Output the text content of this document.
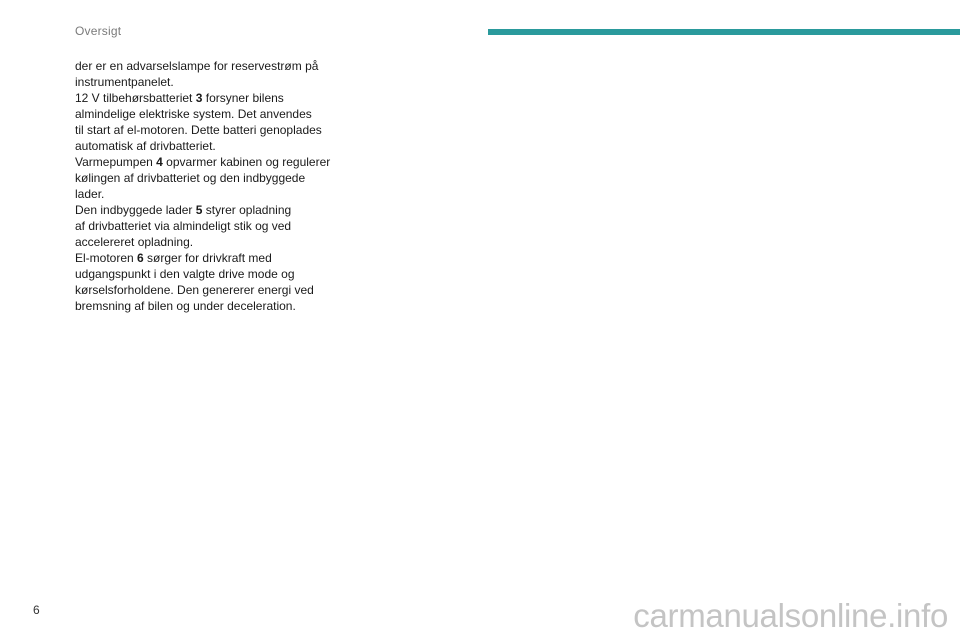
Oversigt

der er en advarselslampe for reservestrøm på
instrumentpanelet.

12 V tilbehørsbatteriet 3 forsyner bilens
almindelige elektriske system. Det anvendes
til start af el-motoren. Dette batteri genoplades
automatisk af drivbatteriet.

Varmepumpen 4 opvarmer kabinen og regulerer
kølingen af drivbatteriet og den indbyggede
lader.

Den indbyggede lader 5 styrer opladning
af drivbatteriet via almindeligt stik og ved
accelereret opladning.

El-motoren 6 sørger for drivkraft med
udgangspunkt i den valgte drive mode og
kørselsforholdene. Den genererer energi ved
bremsning af bilen og under deceleration.

6	carmanualsonline.info
